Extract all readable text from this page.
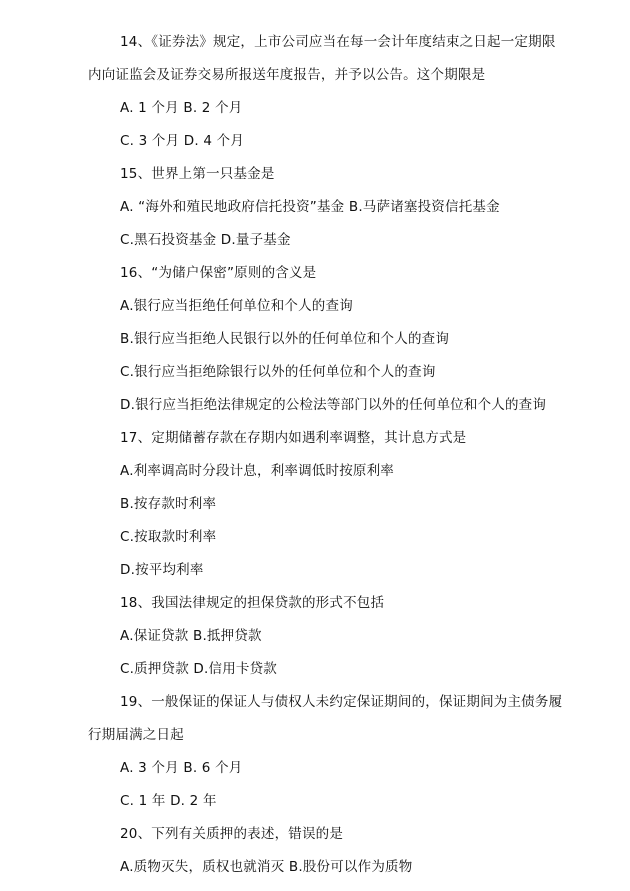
14、《证券法》规定，上市公司应当在每一会计年度结束之日起一定期限
内向证监会及证券交易所报送年度报告，并予以公告。这个期限是
A. 1 个月 B. 2 个月
C. 3 个月 D. 4 个月
15、世界上第一只基金是
A. “海外和殖民地政府信托投资”基金 B.马萨诸塞投资信托基金
C.黑石投资基金 D.量子基金
16、“为储户保密”原则的含义是
A.银行应当拒绝任何单位和个人的查询
B.银行应当拒绝人民银行以外的任何单位和个人的查询
C.银行应当拒绝除银行以外的任何单位和个人的查询
D.银行应当拒绝法律规定的公检法等部门以外的任何单位和个人的查询
17、定期储蓄存款在存期内如遇利率调整，其计息方式是
A.利率调高时分段计息，利率调低时按原利率
B.按存款时利率
C.按取款时利率
D.按平均利率
18、我国法律规定的担保贷款的形式不包括
A.保证贷款 B.抵押贷款
C.质押贷款 D.信用卡贷款
19、一般保证的保证人与债权人未约定保证期间的，保证期间为主债务履
行期届满之日起
A. 3 个月 B. 6 个月
C. 1 年 D. 2 年
20、下列有关质押的表述，错误的是
A.质物灭失，质权也就消灭 B.股份可以作为质物
